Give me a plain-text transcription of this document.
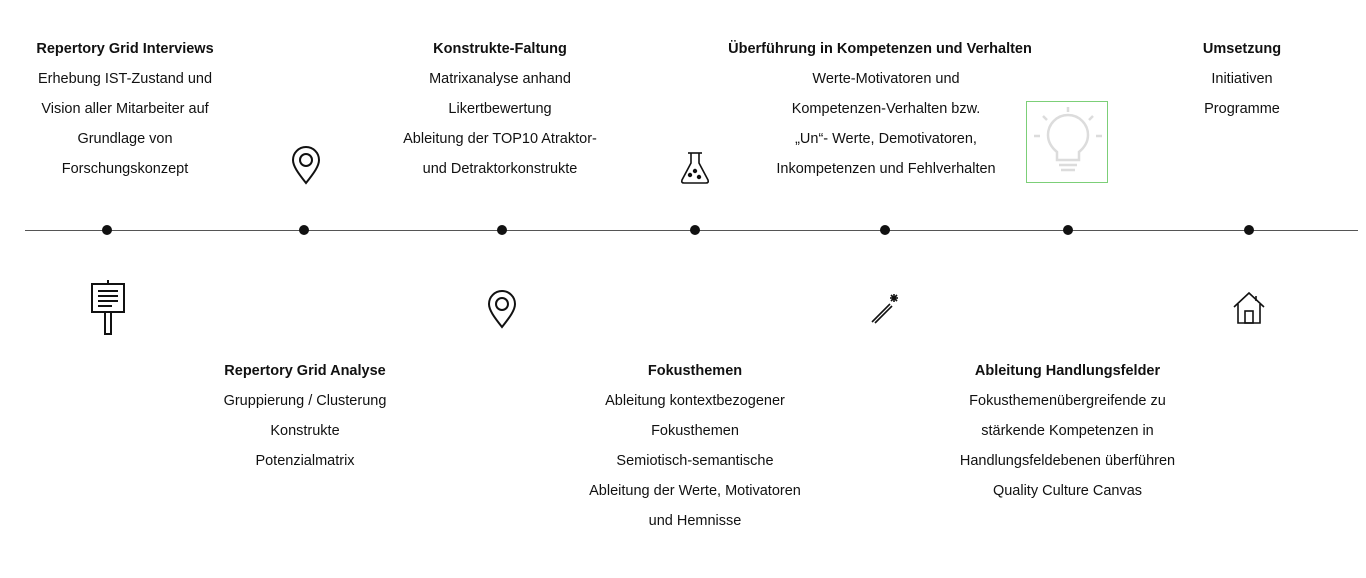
Repertory Grid Interviews
Erhebung IST-Zustand und
Vision aller Mitarbeiter auf
Grundlage von
Forschungskonzept
Konstrukte-Faltung
Matrixanalyse anhand
Likertbewertung
Ableitung der TOP10 Atraktor-
und Detraktorkonstrukte
Überführung in Kompetenzen und Verhalten
Werte-Motivatoren und
Kompetenzen-Verhalten bzw.
„Un“- Werte, Demotivatoren,
Inkompetenzen und Fehlverhalten
Umsetzung
Initiativen
Programme
Repertory Grid Analyse
Gruppierung / Clusterung
Konstrukte
Potenzialmatrix
Fokusthemen
Ableitung kontextbezogener
Fokusthemen
Semiotisch-semantische
Ableitung der Werte, Motivatoren
und Hemnisse
Ableitung Handlungsfelder
Fokusthemenübergreifende zu
stärkende Kompetenzen in
Handlungsfeldebenen überführen
Quality Culture Canvas
